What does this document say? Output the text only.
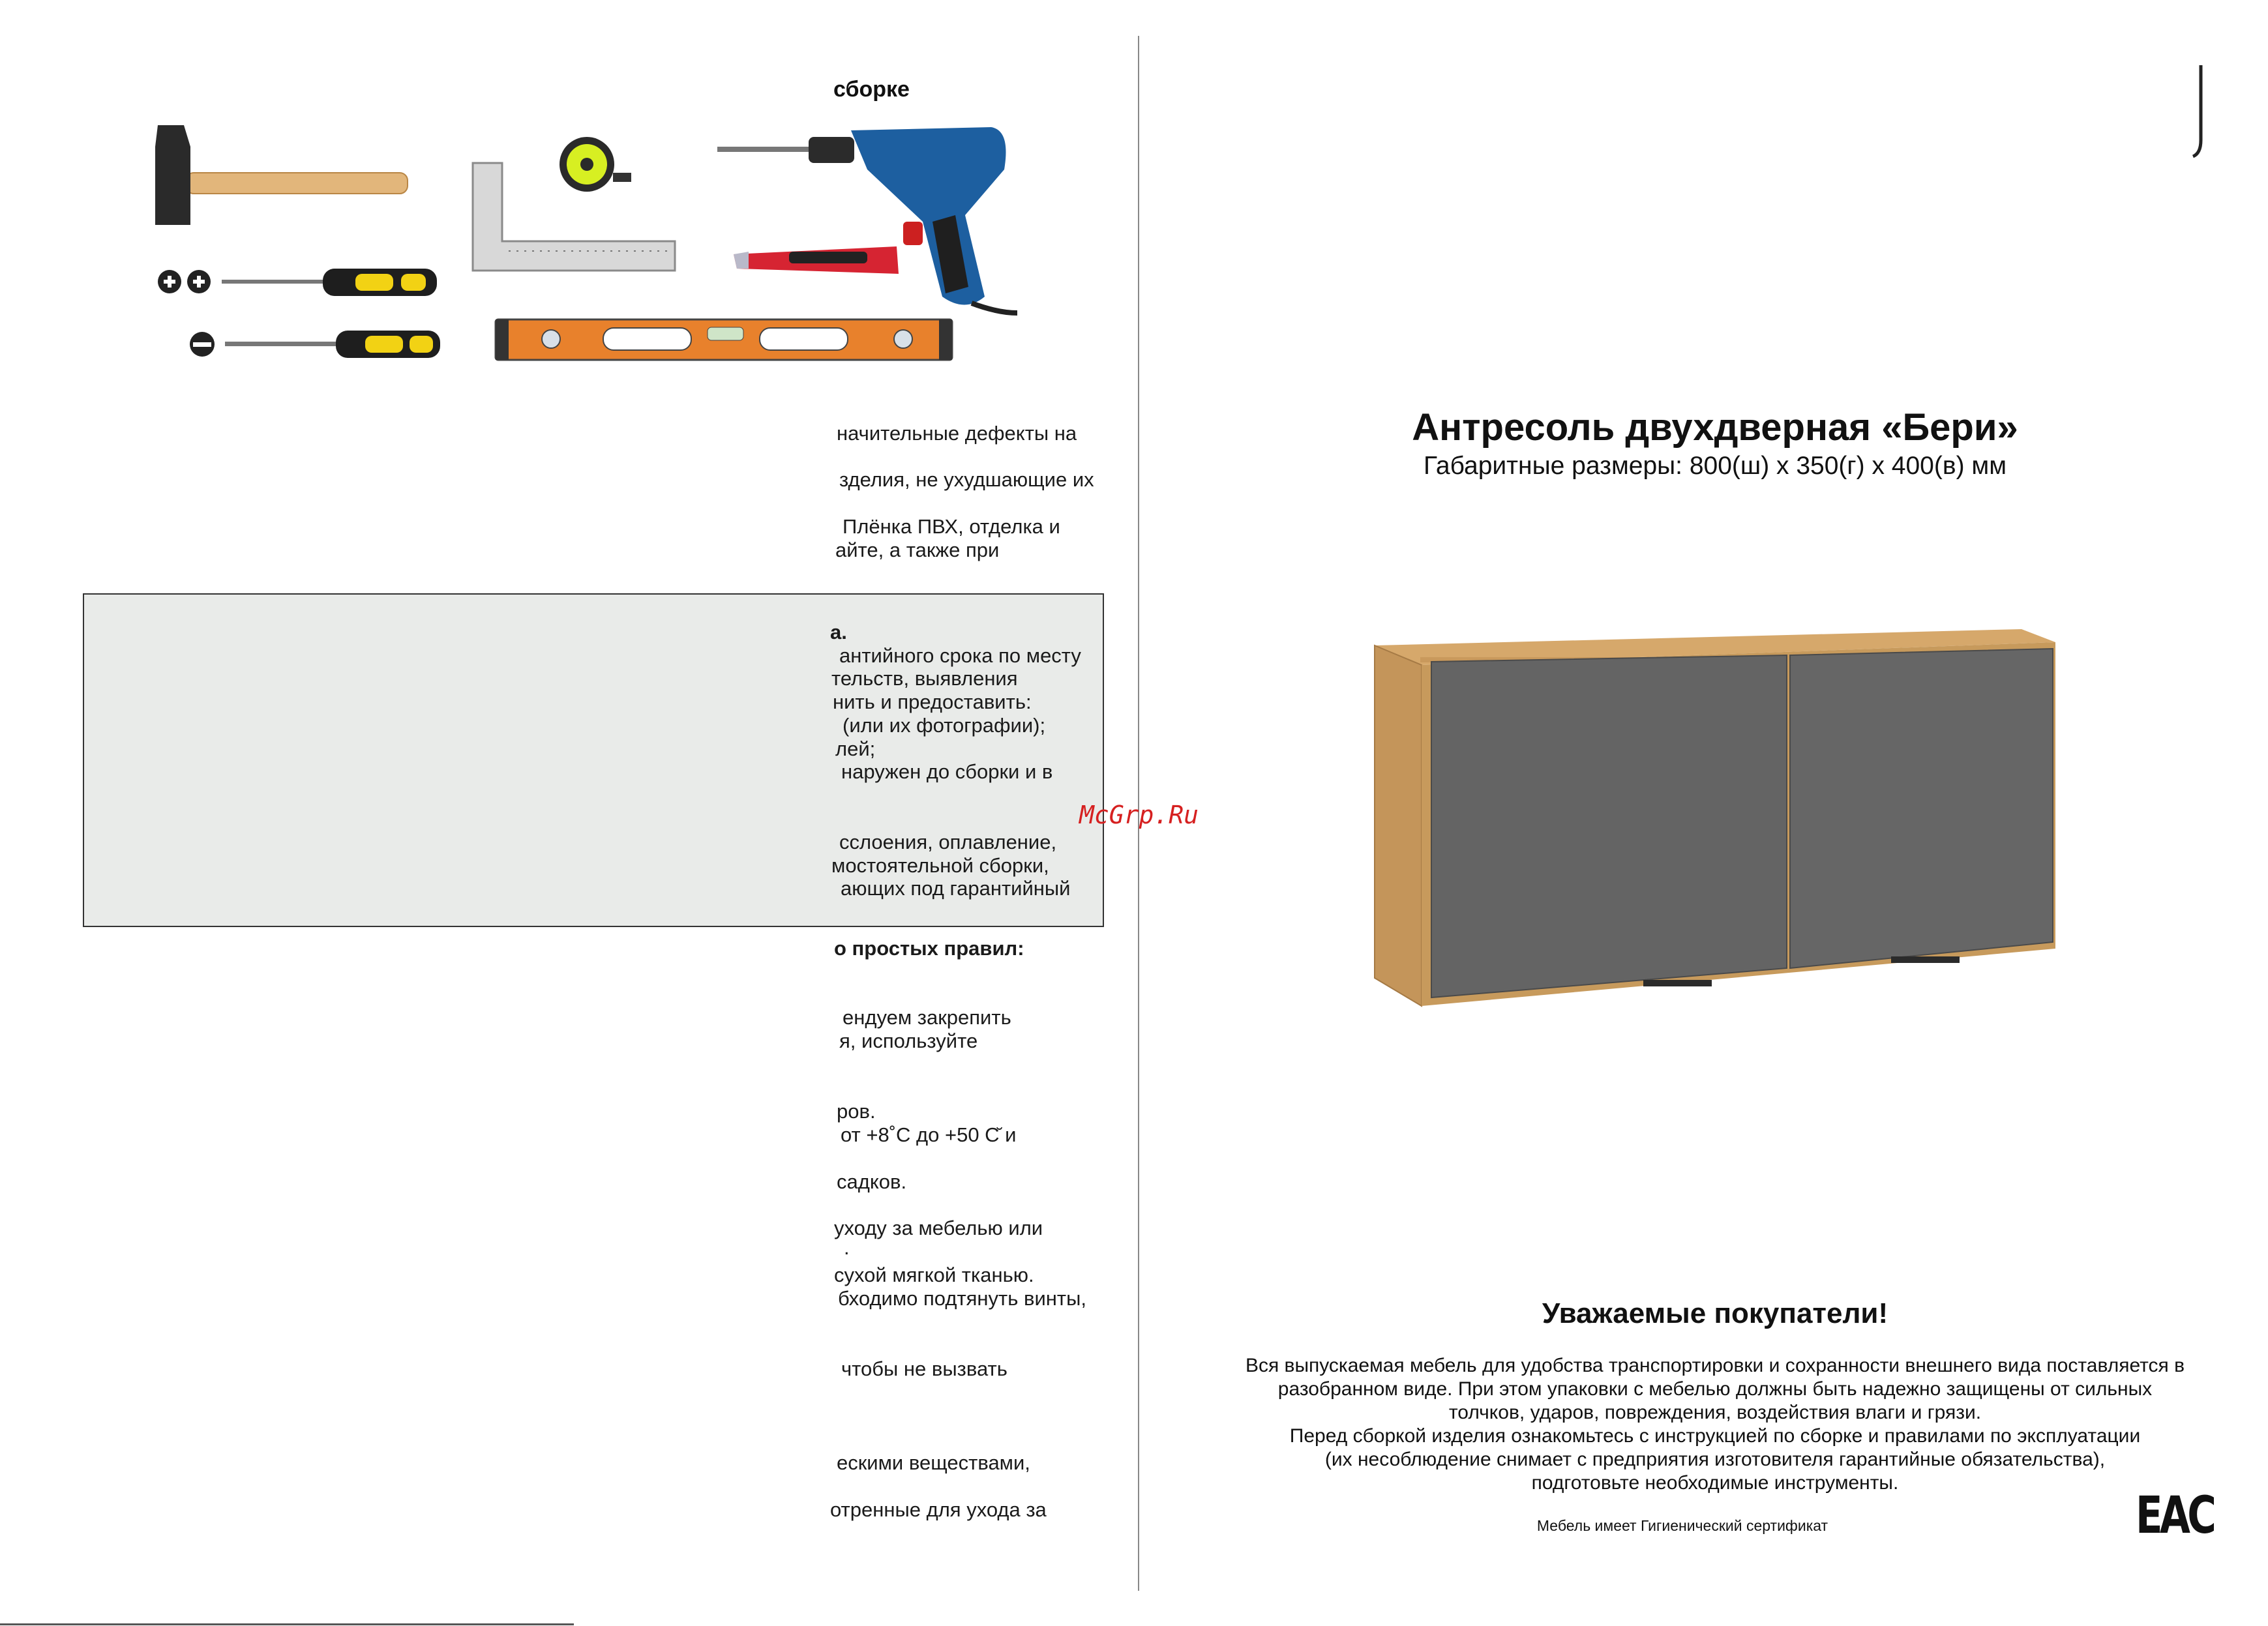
сборке
начительные дефекты на
зделия, не ухудшающие их
Плёнка ПВХ, отделка и
айте, а также при
а.
антийного срока по месту
тельств, выявления
нить и предоставить:
(или их фотографии);
лей;
наружен до сборки и в
сслоения, оплавление,
мостоятельной сборки,
ающих под гарантийный
о простых правил:
ендуем закрепить
я, используйте
ров.
от +8˚С до +50 С̆ и
садков.
уходу за мебелью или
.
сухой мягкой тканью.
бходимо подтянуть винты,
чтобы не вызвать
ескими веществами,
отренные для ухода за
McGrp.Ru
Антресоль двухдверная «Бери»
Габаритные размеры: 800(ш) х 350(г) х 400(в) мм
Уважаемые покупатели!
Вся выпускаемая мебель для удобства транспортировки и сохранности внешнего вида поставляется в
разобранном виде. При этом упаковки с мебелью должны быть надежно защищены от сильных
толчков, ударов, повреждения, воздействия влаги и грязи.
Перед сборкой изделия ознакомьтесь с инструкцией по сборке и правилами по эксплуатации
(их несоблюдение снимает с предприятия изготовителя гарантийные обязательства),
подготовьте необходимые инструменты.
Мебель имеет Гигиенический сертификат	EAC
